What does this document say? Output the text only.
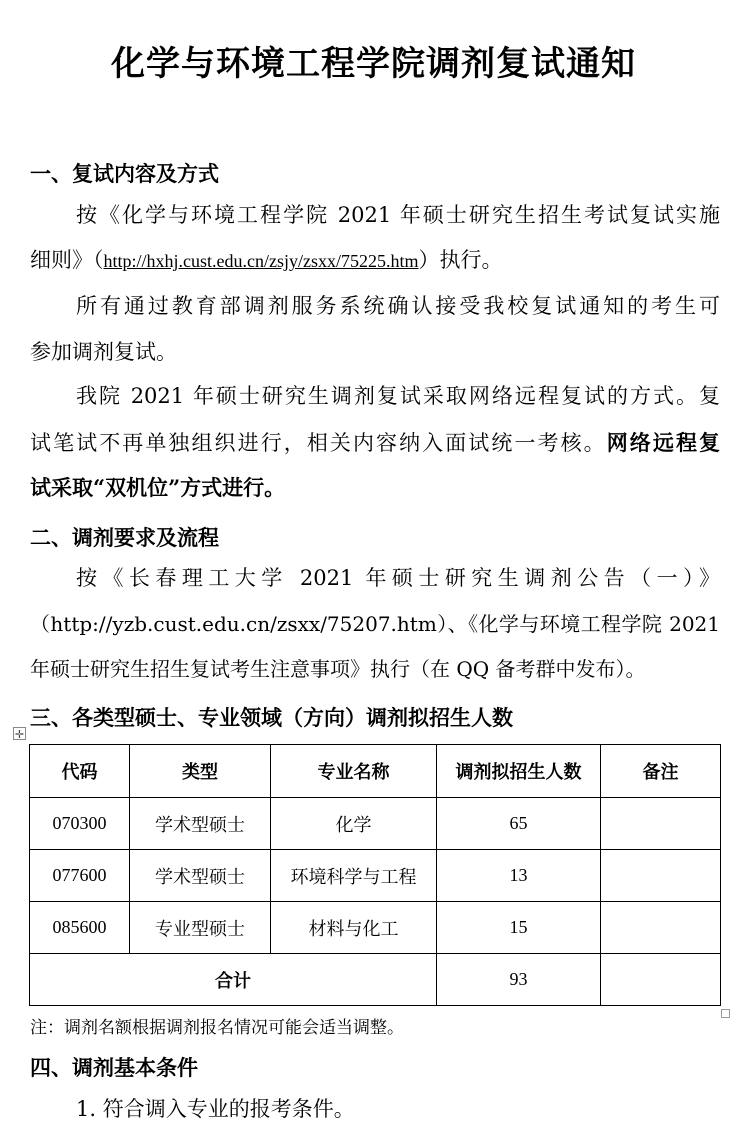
化学与环境工程学院调剂复试通知
一、复试内容及方式
按《化学与环境工程学院 2021 年硕士研究生招生考试复试实施
细则》（http://hxhj.cust.edu.cn/zsjy/zsxx/75225.htm）执行。
所有通过教育部调剂服务系统确认接受我校复试通知的考生可
参加调剂复试。
我院 2021 年硕士研究生调剂复试采取网络远程复试的方式。复
试笔试不再单独组织进行，相关内容纳入面试统一考核。网络远程复
试采取“双机位”方式进行。
二、调剂要求及流程
按《长春理工大学 2021 年硕士研究生调剂公告（一）》
（http://yzb.cust.edu.cn/zsxx/75207.htm）、《化学与环境工程学院 2021
年硕士研究生招生复试考生注意事项》执行（在 QQ 备考群中发布）。
三、各类型硕士、专业领域（方向）调剂拟招生人数
✛
代码	类型	专业名称	调剂拟招生人数	备注
070300	学术型硕士	化学	65	
077600	学术型硕士	环境科学与工程	13	
085600	专业型硕士	材料与化工	15	
合计			93	
注：调剂名额根据调剂报名情况可能会适当调整。
四、调剂基本条件
1. 符合调入专业的报考条件。
